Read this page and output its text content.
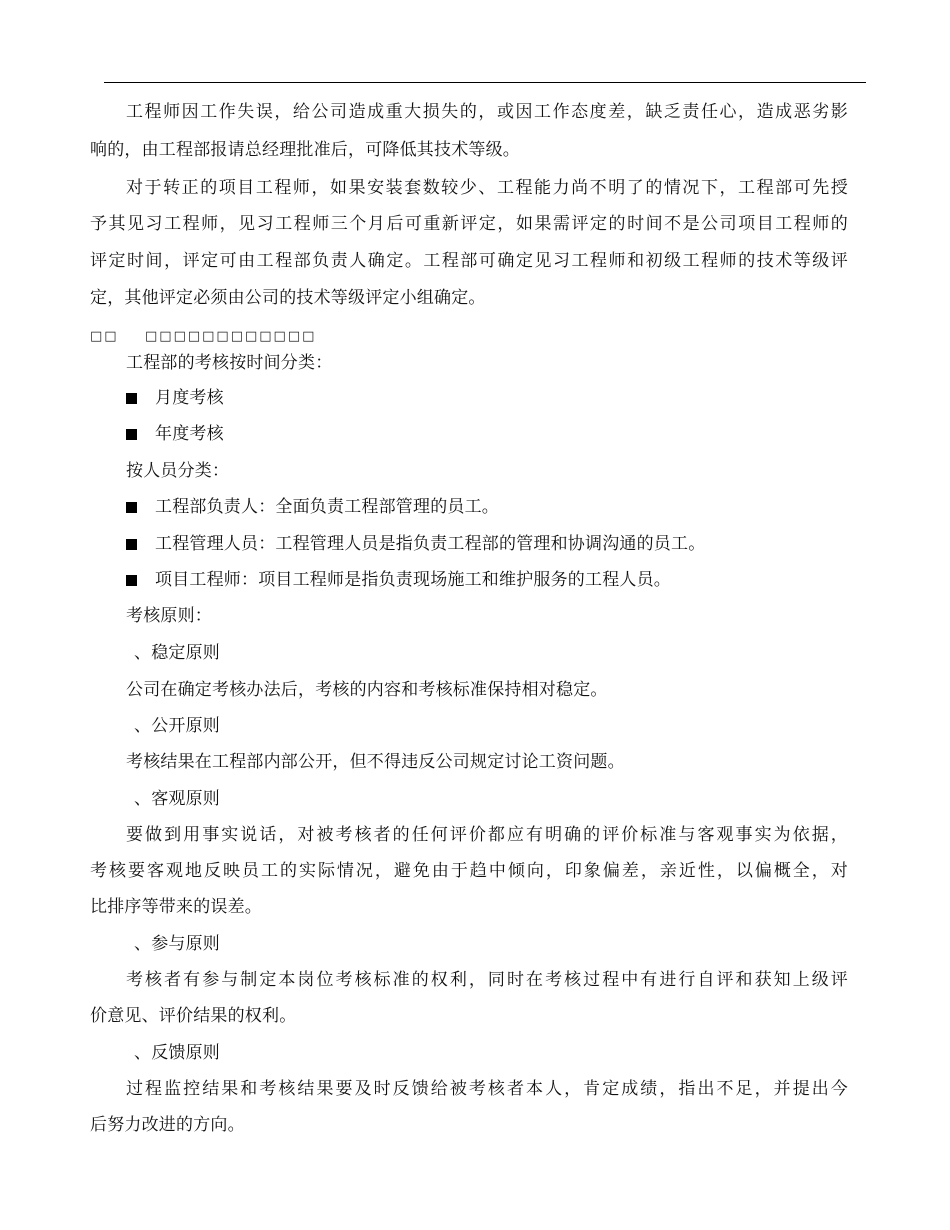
工程师因工作失误，给公司造成重大损失的，或因工作态度差，缺乏责任心，造成恶劣影
响的，由工程部报请总经理批准后，可降低其技术等级。
对于转正的项目工程师，如果安装套数较少、工程能力尚不明了的情况下，工程部可先授
予其见习工程师，见习工程师三个月后可重新评定，如果需评定的时间不是公司项目工程师的
评定时间，评定可由工程部负责人确定。工程部可确定见习工程师和初级工程师的技术等级评
定，其他评定必须由公司的技术等级评定小组确定。
□□ □□□□□□□□□□□□
工程部的考核按时间分类：
月度考核
年度考核
按人员分类：
工程部负责人：全面负责工程部管理的员工。
工程管理人员：工程管理人员是指负责工程部的管理和协调沟通的员工。
项目工程师：项目工程师是指负责现场施工和维护服务的工程人员。
考核原则：
、稳定原则
公司在确定考核办法后，考核的内容和考核标准保持相对稳定。
、公开原则
考核结果在工程部内部公开，但不得违反公司规定讨论工资问题。
、客观原则
要做到用事实说话，对被考核者的任何评价都应有明确的评价标准与客观事实为依据，
考核要客观地反映员工的实际情况，避免由于趋中倾向，印象偏差，亲近性，以偏概全，对
比排序等带来的误差。
、参与原则
考核者有参与制定本岗位考核标准的权利，同时在考核过程中有进行自评和获知上级评
价意见、评价结果的权利。
、反馈原则
过程监控结果和考核结果要及时反馈给被考核者本人，肯定成绩，指出不足，并提出今
后努力改进的方向。
